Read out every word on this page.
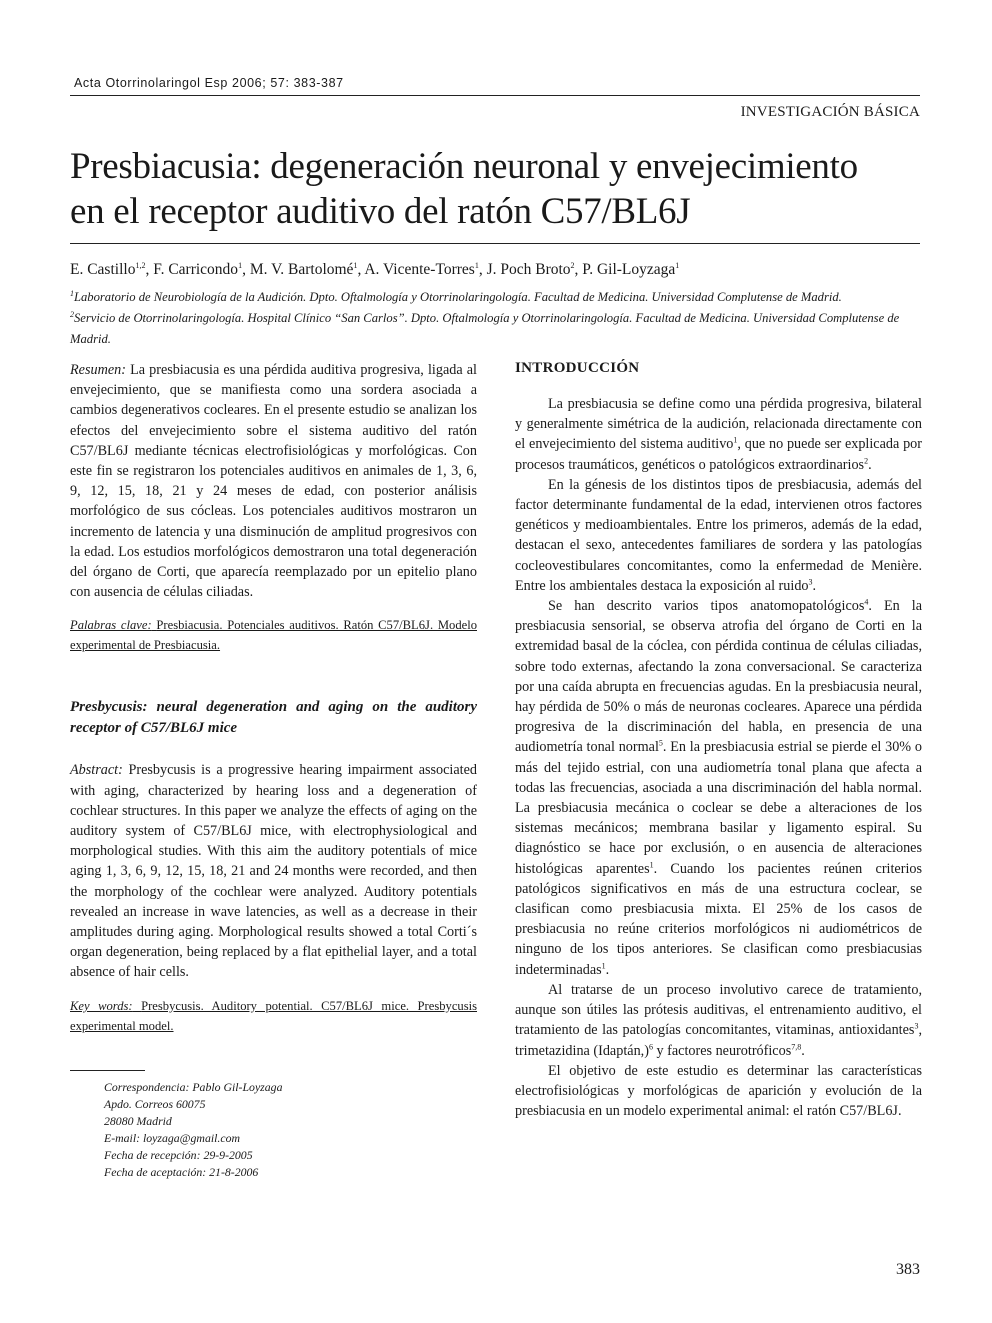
Acta Otorrinolaringol Esp 2006; 57: 383-387
INVESTIGACIÓN BÁSICA
Presbiacusia: degeneración neuronal y envejecimiento
en el receptor auditivo del ratón C57/BL6J
E. Castillo$^{1,2}$, F. Carricondo$^1$, M. V. Bartolomé$^1$, A. Vicente-Torres$^1$, J. Poch Broto$^2$, P. Gil-Loyzaga$^1$
$^1$Laboratorio de Neurobiología de la Audición. Dpto. Oftalmología y Otorrinolaringología. Facultad de Medicina. Universidad Complutense de Madrid.
$^2$Servicio de Otorrinolaringología. Hospital Clínico “San Carlos”. Dpto. Oftalmología y Otorrinolaringología. Facultad de Medicina. Universidad Complutense de Madrid.

Resumen: La presbiacusia es una pérdida auditiva progresiva, ligada al envejecimiento, que se manifiesta como una sordera asociada a cambios degenerativos cocleares. En el presente estudio se analizan los efectos del envejecimiento sobre el sistema auditivo del ratón C57/BL6J mediante técnicas electrofisiológicas y morfológicas. Con este fin se registraron los potenciales auditivos en animales de 1, 3, 6, 9, 12, 15, 18, 21 y 24 meses de edad, con posterior análisis morfológico de sus cócleas. Los potenciales auditivos mostraron un incremento de latencia y una disminución de amplitud progresivos con la edad. Los estudios morfológicos demostraron una total degeneración del órgano de Corti, que aparecía reemplazado por un epitelio plano con ausencia de células ciliadas.

Palabras clave: Presbiacusia. Potenciales auditivos. Ratón C57/BL6J. Modelo experimental de Presbiacusia.

Presbycusis: neural degeneration and aging on the auditory receptor of C57/BL6J mice

Abstract: Presbycusis is a progressive hearing impairment associated with aging, characterized by hearing loss and a degeneration of cochlear structures. In this paper we analyze the effects of aging on the auditory system of C57/BL6J mice, with electrophysiological and morphological studies. With this aim the auditory potentials of mice aging 1, 3, 6, 9, 12, 15, 18, 21 and 24 months were recorded, and then the morphology of the cochlear were analyzed. Auditory potentials revealed an increase in wave latencies, as well as a decrease in their amplitudes during aging. Morphological results showed a total Corti´s organ degeneration, being replaced by a flat epithelial layer, and a total absence of hair cells.

Key words: Presbycusis. Auditory potential. C57/BL6J mice. Presbycusis experimental model.

Correspondencia: Pablo Gil-Loyzaga
Apdo. Correos 60075
28080 Madrid
E-mail: loyzaga@gmail.com
Fecha de recepción: 29-9-2005
Fecha de aceptación: 21-8-2006
INTRODUCCIÓN

La presbiacusia se define como una pérdida progresiva, bilateral y generalmente simétrica de la audición, relacionada directamente con el envejecimiento del sistema auditivo$^1$, que no puede ser explicada por procesos traumáticos, genéticos o patológicos extraordinarios$^2$.

En la génesis de los distintos tipos de presbiacusia, además del factor determinante fundamental de la edad, intervienen otros factores genéticos y medioambientales. Entre los primeros, además de la edad, destacan el sexo, antecedentes familiares de sordera y las patologías cocleovestibulares concomitantes, como la enfermedad de Menière. Entre los ambientales destaca la exposición al ruido$^3$.

Se han descrito varios tipos anatomopatológicos$^4$. En la presbiacusia sensorial, se observa atrofia del órgano de Corti en la extremidad basal de la cóclea, con pérdida continua de células ciliadas, sobre todo externas, afectando la zona conversacional. Se caracteriza por una caída abrupta en frecuencias agudas. En la presbiacusia neural, hay pérdida de 50% o más de neuronas cocleares. Aparece una pérdida progresiva de la discriminación del habla, en presencia de una audiometría tonal normal$^5$. En la presbiacusia estrial se pierde el 30% o más del tejido estrial, con una audiometría tonal plana que afecta a todas las frecuencias, asociada a una discriminación del habla normal. La presbiacusia mecánica o coclear se debe a alteraciones de los sistemas mecánicos; membrana basilar y ligamento espiral. Su diagnóstico se hace por exclusión, o en ausencia de alteraciones histológicas aparentes$^1$. Cuando los pacientes reúnen criterios patológicos significativos en más de una estructura coclear, se clasifican como presbiacusia mixta. El 25% de los casos de presbiacusia no reúne criterios morfológicos ni audiométricos de ninguno de los tipos anteriores. Se clasifican como presbiacusias indeterminadas$^1$.

Al tratarse de un proceso involutivo carece de tratamiento, aunque son útiles las prótesis auditivas, el entrenamiento auditivo, el tratamiento de las patologías concomitantes, vitaminas, antioxidantes$^3$, trimetazidina (Idaptán,)$^6$ y factores neurotróficos$^{7,8}$.

El objetivo de este estudio es determinar las características electrofisiológicas y morfológicas de aparición y evolución de la presbiacusia en un modelo experimental animal: el ratón C57/BL6J.

383
